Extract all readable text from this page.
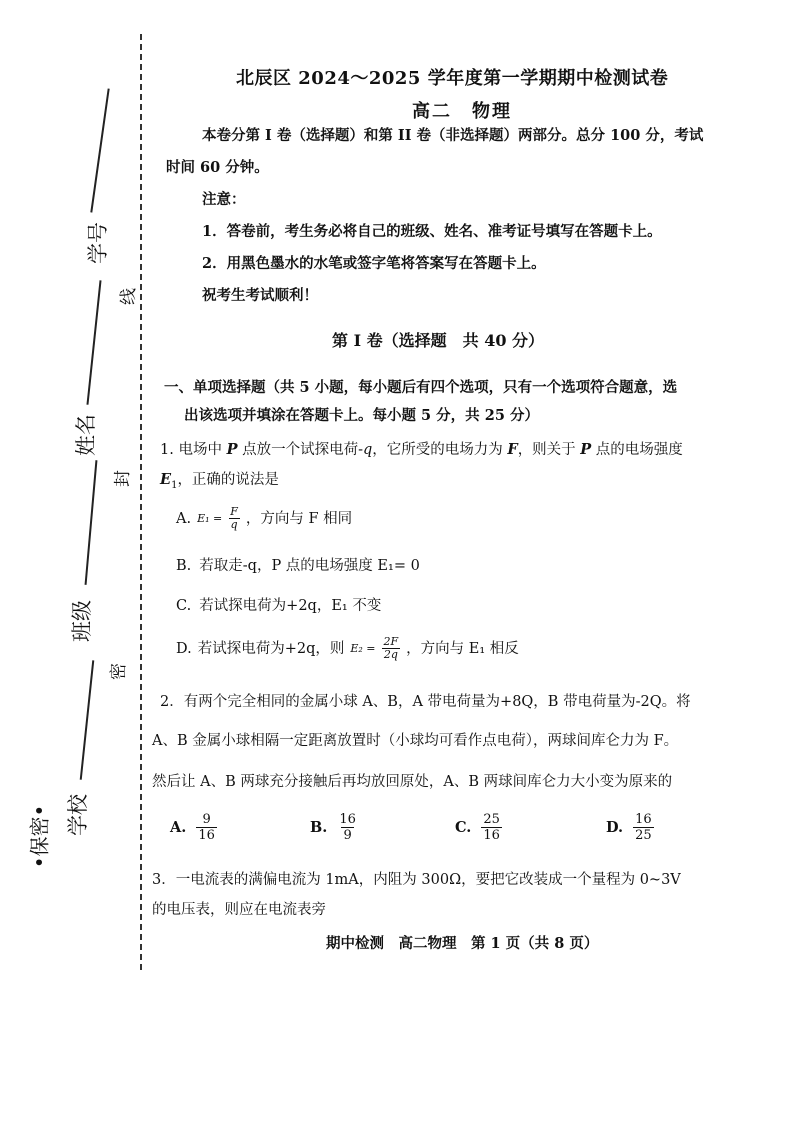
线
封
密
学号
姓名
班级
学校
•保密•
北辰区 2024～2025 学年度第一学期期中检测试卷
高二　物理
本卷分第 I 卷（选择题）和第 II 卷（非选择题）两部分。总分 100 分，考试
时间 60 分钟。
注意：
1．答卷前，考生务必将自己的班级、姓名、准考证号填写在答题卡上。
2．用黑色墨水的水笔或签字笔将答案写在答题卡上。
祝考生考试顺利！
第 I 卷（选择题　共 40 分）
一、单项选择题（共 5 小题，每小题后有四个选项，只有一个选项符合题意，选
出该选项并填涂在答题卡上。每小题 5 分，共 25 分）
1. 电场中 P 点放一个试探电荷-q，它所受的电场力为 F，则关于 P 点的电场强度
$E_1$，正确的说法是
A. $E_1 = \frac{F}{q}$ ，方向与 F 相同
B. 若取走-q，P 点的电场强度 E₁= 0
C. 若试探电荷为+2q，E₁ 不变
D. 若试探电荷为+2q，则 $E_2 = \frac{2F}{2q}$ ，方向与 E₁ 相反
2．有两个完全相同的金属小球 A、B，A 带电荷量为+8Q，B 带电荷量为-2Q。将
A、B 金属小球相隔一定距离放置时（小球均可看作点电荷），两球间库仑力为 F。
然后让 A、B 两球充分接触后再均放回原处，A、B 两球间库仑力大小变为原来的
A. $\frac{9}{16}$	B. $\frac{16}{9}$	C. $\frac{25}{16}$	D. $\frac{16}{25}$
3．一电流表的满偏电流为 1mA，内阻为 300Ω，要把它改装成一个量程为 0~3V
的电压表，则应在电流表旁
期中检测　高二物理　第 1 页（共 8 页）
